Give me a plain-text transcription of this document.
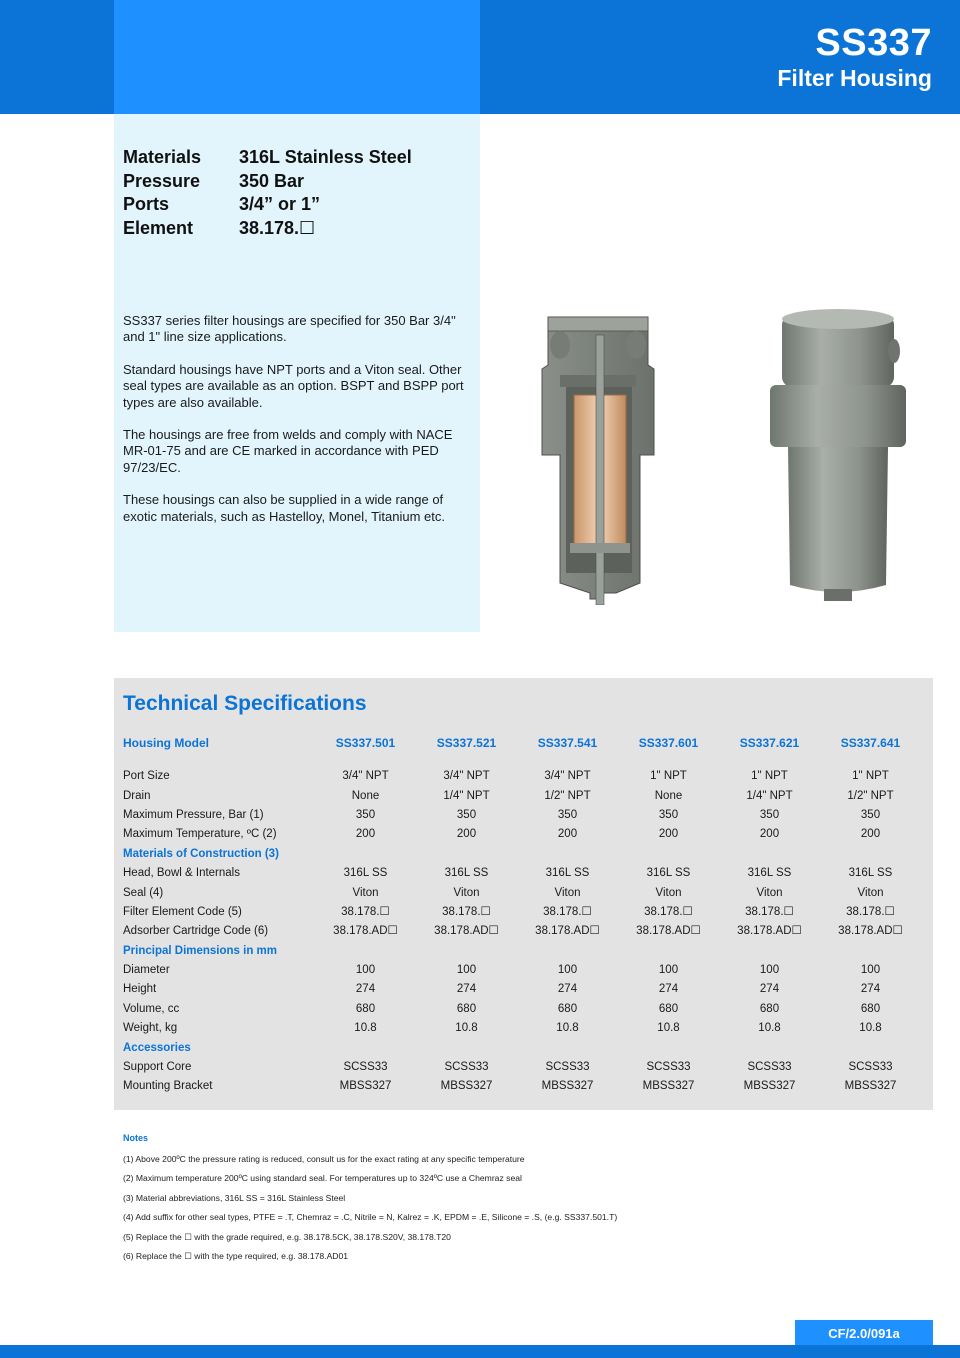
SS337
Filter Housing
Materials	316L Stainless Steel
Pressure	350 Bar
Ports	3/4” or 1”
Element	38.178.☐

SS337 series filter housings are specified for 350 Bar 3/4" and 1" line size applications.

Standard housings have NPT ports and a Viton seal. Other seal types are available as an option. BSPT and BSPP port types are also available.

The housings are free from welds and comply with NACE MR-01-75 and are CE marked in accordance with PED 97/23/EC.

These housings can also be supplied in a wide range of exotic materials, such as Hastelloy, Monel, Titanium etc.

Technical Specifications
Housing Model	SS337.501	SS337.521	SS337.541	SS337.601	SS337.621	SS337.641

Port Size	3/4" NPT	3/4" NPT	3/4" NPT	1" NPT	1" NPT	1" NPT
Drain	None	1/4" NPT	1/2" NPT	None	1/4" NPT	1/2" NPT
Maximum Pressure, Bar (1)	350	350	350	350	350	350
Maximum Temperature, ºC (2)	200	200	200	200	200	200
Materials of Construction (3)						
Head, Bowl & Internals	316L SS	316L SS	316L SS	316L SS	316L SS	316L SS
Seal (4)	Viton	Viton	Viton	Viton	Viton	Viton
Filter Element Code (5)	38.178.☐	38.178.☐	38.178.☐	38.178.☐	38.178.☐	38.178.☐
Adsorber Cartridge Code (6)	38.178.AD☐	38.178.AD☐	38.178.AD☐	38.178.AD☐	38.178.AD☐	38.178.AD☐
Principal Dimensions in mm						
Diameter	100	100	100	100	100	100
Height	274	274	274	274	274	274
Volume, cc	680	680	680	680	680	680
Weight, kg	10.8	10.8	10.8	10.8	10.8	10.8
Accessories						
Support Core	SCSS33	SCSS33	SCSS33	SCSS33	SCSS33	SCSS33
Mounting Bracket	MBSS327	MBSS327	MBSS327	MBSS327	MBSS327	MBSS327
Notes
(1) Above 200ºC the pressure rating is reduced, consult us for the exact rating at any specific temperature
(2) Maximum temperature 200ºC using standard seal. For temperatures up to 324ºC use a Chemraz seal
(3) Material abbreviations, 316L SS = 316L Stainless Steel
(4) Add suffix for other seal types, PTFE = .T, Chemraz = .C, Nitrile = N, Kalrez = .K, EPDM = .E, Silicone = .S, (e.g. SS337.501.T)
(5) Replace the ☐ with the grade required, e.g. 38.178.5CK, 38.178.S20V, 38.178.T20
(6) Replace the ☐ with the type required, e.g. 38.178.AD01
CF/2.0/091a
